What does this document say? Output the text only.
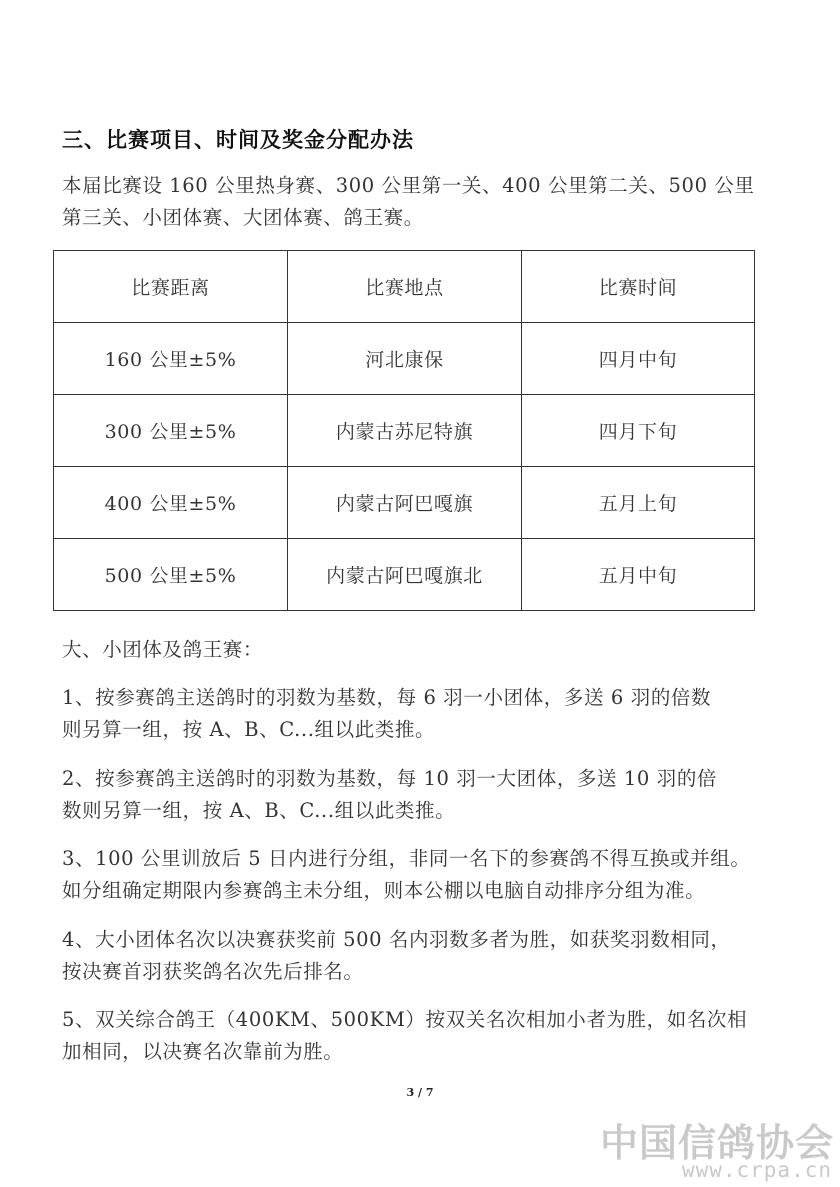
三、比赛项目、时间及奖金分配办法
本届比赛设 160 公里热身赛、300 公里第一关、400 公里第二关、500 公里
第三关、小团体赛、大团体赛、鸽王赛。
比赛距离	比赛地点	比赛时间
160 公里±5%	河北康保	四月中旬
300 公里±5%	内蒙古苏尼特旗	四月下旬
400 公里±5%	内蒙古阿巴嘎旗	五月上旬
500 公里±5%	内蒙古阿巴嘎旗北	五月中旬
大、小团体及鸽王赛：
1、按参赛鸽主送鸽时的羽数为基数，每 6 羽一小团体，多送 6 羽的倍数
则另算一组，按 A、B、C...组以此类推。
2、按参赛鸽主送鸽时的羽数为基数，每 10 羽一大团体，多送 10 羽的倍
数则另算一组，按 A、B、C...组以此类推。
3、100 公里训放后 5 日内进行分组，非同一名下的参赛鸽不得互换或并组。
如分组确定期限内参赛鸽主未分组，则本公棚以电脑自动排序分组为准。
4、大小团体名次以决赛获奖前 500 名内羽数多者为胜，如获奖羽数相同，
按决赛首羽获奖鸽名次先后排名。
5、双关综合鸽王（400KM、500KM）按双关名次相加小者为胜，如名次相
加相同，以决赛名次靠前为胜。
3 / 7
中国信鸽协会
www.crpa.cn
